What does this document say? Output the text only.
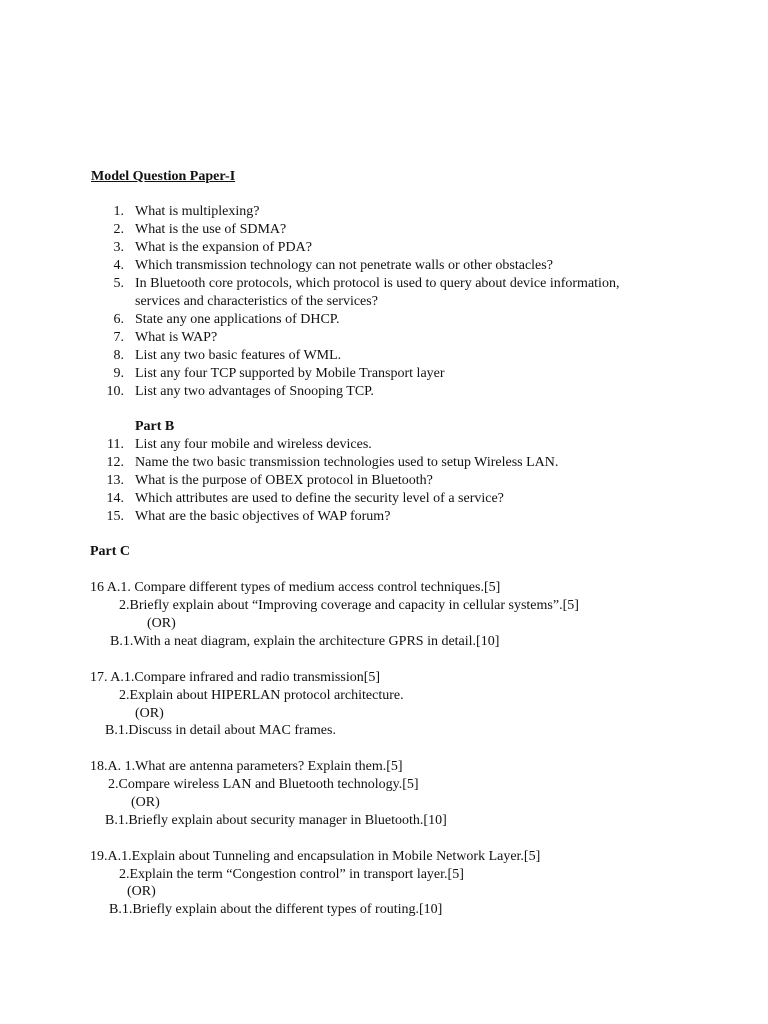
Model Question Paper-I
1. What is multiplexing?
2. What is the use of SDMA?
3. What is the expansion of PDA?
4. Which transmission technology can not penetrate walls or other obstacles?
5. In Bluetooth core protocols, which protocol is used to query about device information,
services and characteristics of the services?
6. State any one applications of DHCP.
7. What is WAP?
8. List any two basic features of WML.
9. List any four TCP supported by Mobile Transport layer
10. List any two advantages of Snooping TCP.
Part B
11. List any four mobile and wireless devices.
12. Name the two basic transmission technologies used to setup Wireless LAN.
13. What is the purpose of OBEX protocol in Bluetooth?
14. Which attributes are used to define the security level of a service?
15. What are the basic objectives of WAP forum?
Part C
16 A.1. Compare different types of medium access control techniques.[5]
2.Briefly explain about “Improving coverage and capacity in cellular systems”.[5]
(OR)
B.1.With a neat diagram, explain the architecture GPRS in detail.[10]
17. A.1.Compare infrared and radio transmission[5]
2.Explain about HIPERLAN protocol architecture.
(OR)
B.1.Discuss in detail about MAC frames.
18.A. 1.What are antenna parameters? Explain them.[5]
2.Compare wireless LAN and Bluetooth technology.[5]
(OR)
B.1.Briefly explain about security manager in Bluetooth.[10]
19.A.1.Explain about Tunneling and encapsulation in Mobile Network Layer.[5]
2.Explain the term “Congestion control” in transport layer.[5]
(OR)
B.1.Briefly explain about the different types of routing.[10]
